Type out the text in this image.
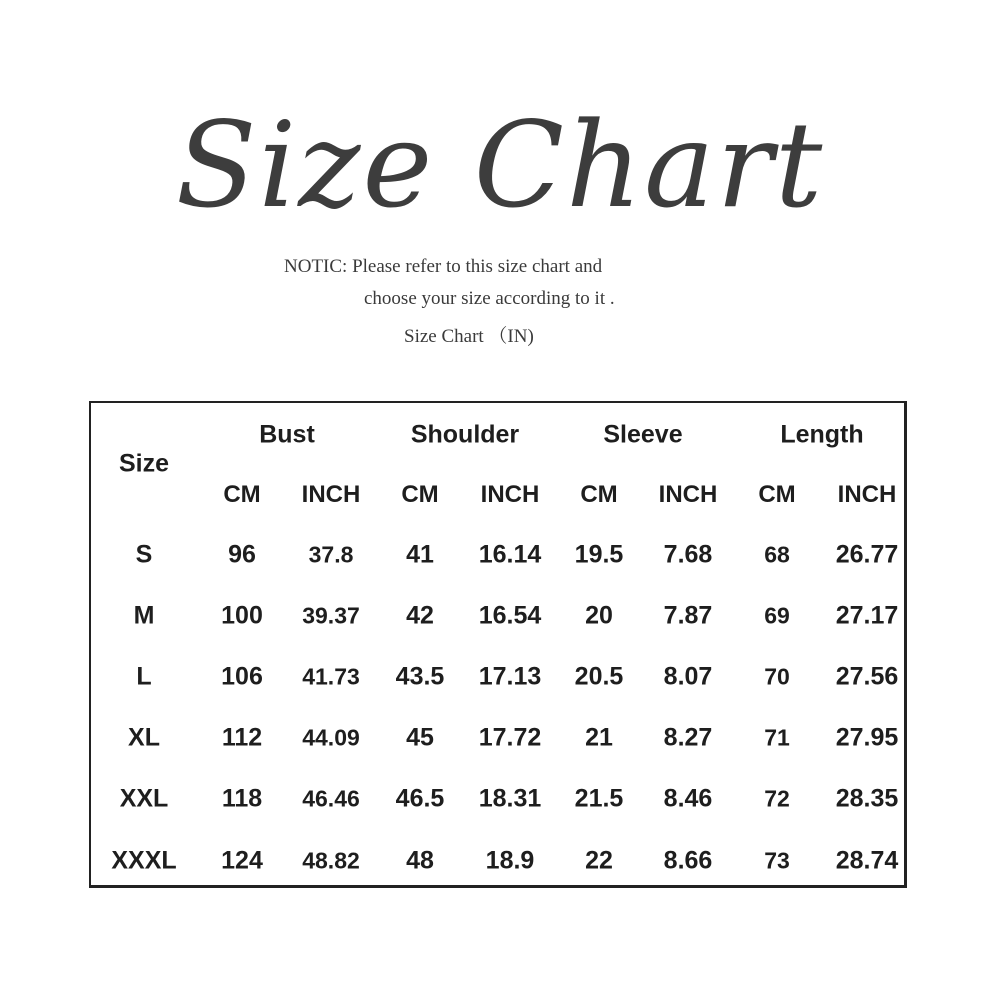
Size Chart
NOTIC: Please refer to this size chart and
choose your size according to it .
Size Chart （IN)
Size
Bust	Shoulder	Sleeve	Length
CM INCH CM INCH CM INCH CM INCH
S	96 37.8 41 16.14 19.5 7.68 68 26.77
M	100 39.37 42 16.54 20 7.87 69 27.17
L	106 41.73 43.5 17.13 20.5 8.07 70 27.56
XL 112 44.09 45 17.72 21 8.27 71 27.95
XXL 118 46.46 46.5 18.31 21.5 8.46 72 28.35
XXXL 124 48.82 48 18.9 22 8.66 73 28.74
